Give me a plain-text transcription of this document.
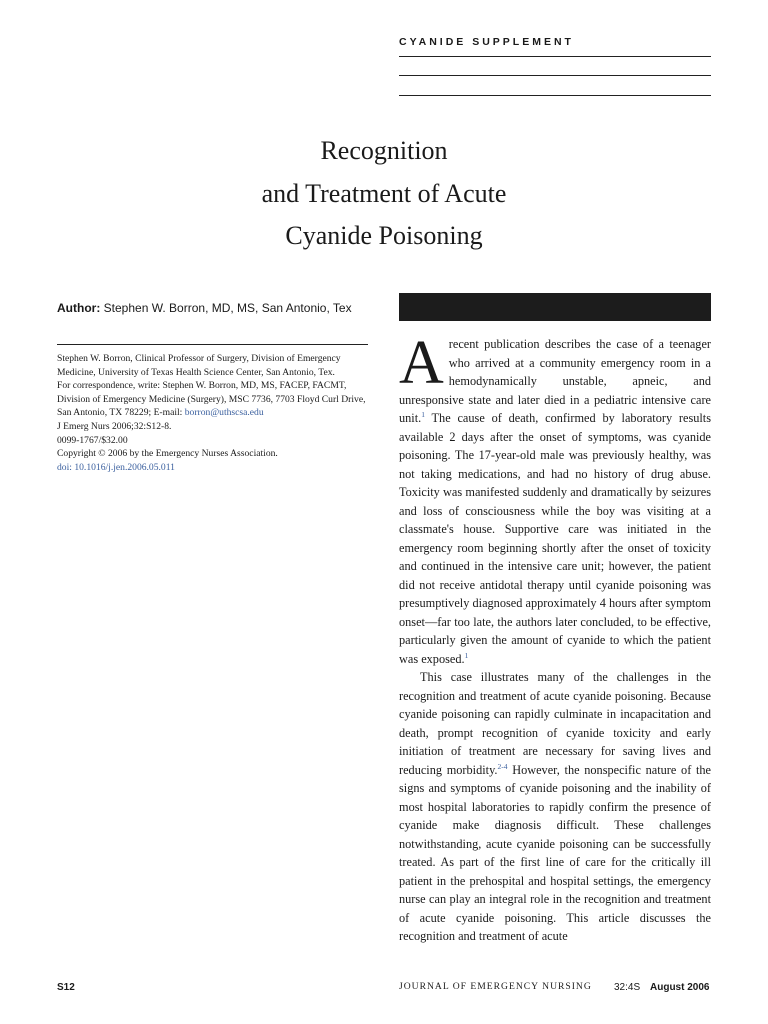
CYANIDE SUPPLEMENT
Recognition
and Treatment of Acute
Cyanide Poisoning
Author: Stephen W. Borron, MD, MS, San Antonio, Tex

Stephen W. Borron, Clinical Professor of Surgery, Division of Emergency Medicine, University of Texas Health Science Center, San Antonio, Tex.

For correspondence, write: Stephen W. Borron, MD, MS, FACEP, FACMT, Division of Emergency Medicine (Surgery), MSC 7736, 7703 Floyd Curl Drive, San Antonio, TX 78229; E-mail: borron@uthscsa.edu

J Emerg Nurs 2006;32:S12-8.

0099-1767/$32.00

Copyright © 2006 by the Emergency Nurses Association.

doi: 10.1016/j.jen.2006.05.011

Arecent publication describes the case of a teenager who arrived at a community emergency room in a hemodynamically unstable, apneic, and unresponsive state and later died in a pediatric intensive care unit.$^1$ The cause of death, confirmed by laboratory results available 2 days after the onset of symptoms, was cyanide poisoning. The 17-year-old male was previously healthy, was not taking medications, and had no history of drug abuse. Toxicity was manifested suddenly and dramatically by seizures and loss of consciousness while the boy was visiting at a classmate's house. Supportive care was initiated in the emergency room beginning shortly after the onset of toxicity and continued in the intensive care unit; however, the patient did not receive antidotal therapy until cyanide poisoning was presumptively diagnosed approximately 4 hours after symptom onset—far too late, the authors later concluded, to be effective, particularly given the amount of cyanide to which the patient was exposed.$^1$

This case illustrates many of the challenges in the recognition and treatment of acute cyanide poisoning. Because cyanide poisoning can rapidly culminate in incapacitation and death, prompt recognition of cyanide toxicity and early initiation of treatment are necessary for saving lives and reducing morbidity.$^{2-4}$ However, the nonspecific nature of the signs and symptoms of cyanide poisoning and the inability of most hospital laboratories to rapidly confirm the presence of cyanide make diagnosis difficult. These challenges notwithstanding, acute cyanide poisoning can be successfully treated. As part of the first line of care for the critically ill patient in the prehospital and hospital settings, the emergency nurse can play an integral role in the recognition and treatment of acute cyanide poisoning. This article discusses the recognition and treatment of acute

S12	JOURNAL OF EMERGENCY NURSING 32:4S August 2006
